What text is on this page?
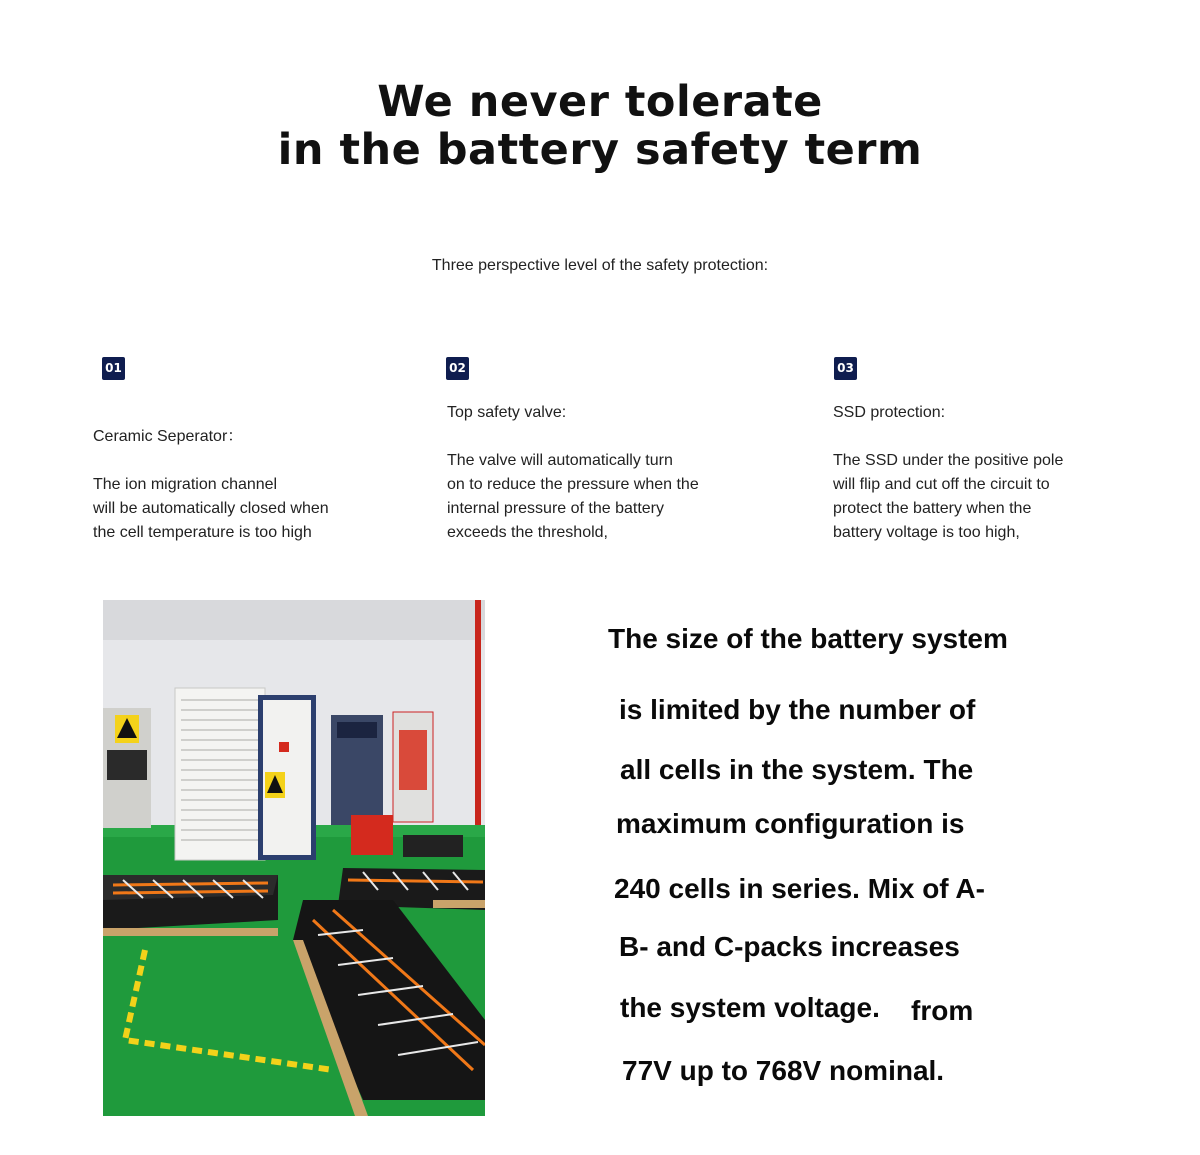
We never tolerate
in the battery safety term

Three perspective level of the safety protection:

01

Ceramic Seperator：

The ion migration channel

will be automatically closed when

the cell temperature is too high

02

Top safety valve:

The valve will automatically turn

on to reduce the pressure when the

internal pressure of the battery

exceeds the threshold,

03

SSD protection:

The SSD under the positive pole

will flip and cut off the circuit to

protect the battery when the

battery voltage is too high,

The size of the battery system

is limited by the number of

all cells in the system. The

maximum configuration is

240 cells in series. Mix of A-

B- and C-packs increases

the system voltage. from

77V up to 768V nominal.
